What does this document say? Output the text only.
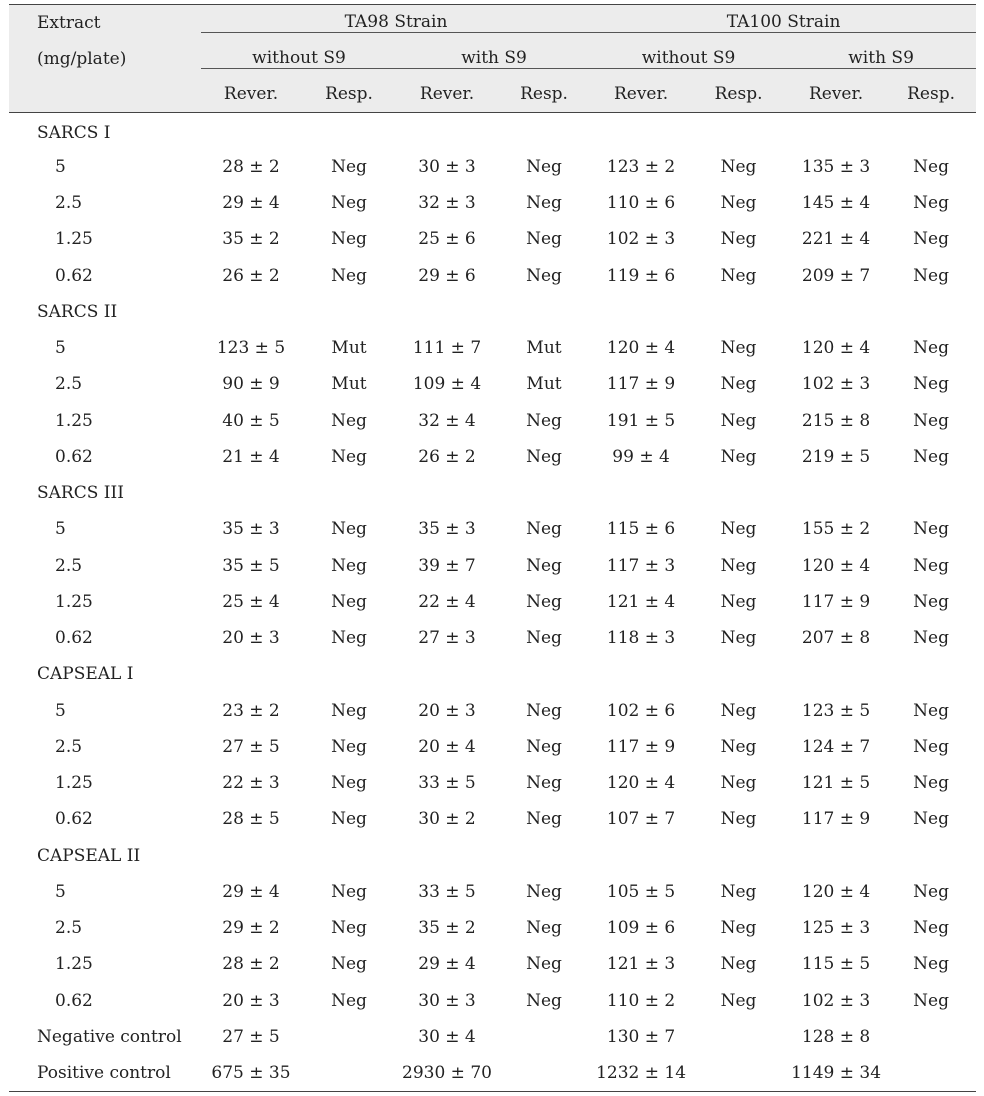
Extract
(mg/plate)	TA98 Strain				TA100 Strain			

	without S9		with S9		without S9		with S9	

	Rever.	Resp.	Rever.	Resp.	Rever.	Resp.	Rever.	Resp.
SARCS I								
5	28 ± 2	Neg	30 ± 3	Neg	123 ± 2	Neg	135 ± 3	Neg
2.5	29 ± 4	Neg	32 ± 3	Neg	110 ± 6	Neg	145 ± 4	Neg
1.25	35 ± 2	Neg	25 ± 6	Neg	102 ± 3	Neg	221 ± 4	Neg
0.62	26 ± 2	Neg	29 ± 6	Neg	119 ± 6	Neg	209 ± 7	Neg
SARCS II								
5	123 ± 5	Mut	111 ± 7	Mut	120 ± 4	Neg	120 ± 4	Neg
2.5	90 ± 9	Mut	109 ± 4	Mut	117 ± 9	Neg	102 ± 3	Neg
1.25	40 ± 5	Neg	32 ± 4	Neg	191 ± 5	Neg	215 ± 8	Neg
0.62	21 ± 4	Neg	26 ± 2	Neg	99 ± 4	Neg	219 ± 5	Neg
SARCS III								
5	35 ± 3	Neg	35 ± 3	Neg	115 ± 6	Neg	155 ± 2	Neg
2.5	35 ± 5	Neg	39 ± 7	Neg	117 ± 3	Neg	120 ± 4	Neg
1.25	25 ± 4	Neg	22 ± 4	Neg	121 ± 4	Neg	117 ± 9	Neg
0.62	20 ± 3	Neg	27 ± 3	Neg	118 ± 3	Neg	207 ± 8	Neg
CAPSEAL I								
5	23 ± 2	Neg	20 ± 3	Neg	102 ± 6	Neg	123 ± 5	Neg
2.5	27 ± 5	Neg	20 ± 4	Neg	117 ± 9	Neg	124 ± 7	Neg
1.25	22 ± 3	Neg	33 ± 5	Neg	120 ± 4	Neg	121 ± 5	Neg
0.62	28 ± 5	Neg	30 ± 2	Neg	107 ± 7	Neg	117 ± 9	Neg
CAPSEAL II								
5	29 ± 4	Neg	33 ± 5	Neg	105 ± 5	Neg	120 ± 4	Neg
2.5	29 ± 2	Neg	35 ± 2	Neg	109 ± 6	Neg	125 ± 3	Neg
1.25	28 ± 2	Neg	29 ± 4	Neg	121 ± 3	Neg	115 ± 5	Neg
0.62	20 ± 3	Neg	30 ± 3	Neg	110 ± 2	Neg	102 ± 3	Neg
Negative control	27 ± 5		30 ± 4		130 ± 7		128 ± 8	
Positive control	675 ± 35		2930 ± 70		1232 ± 14		1149 ± 34	
